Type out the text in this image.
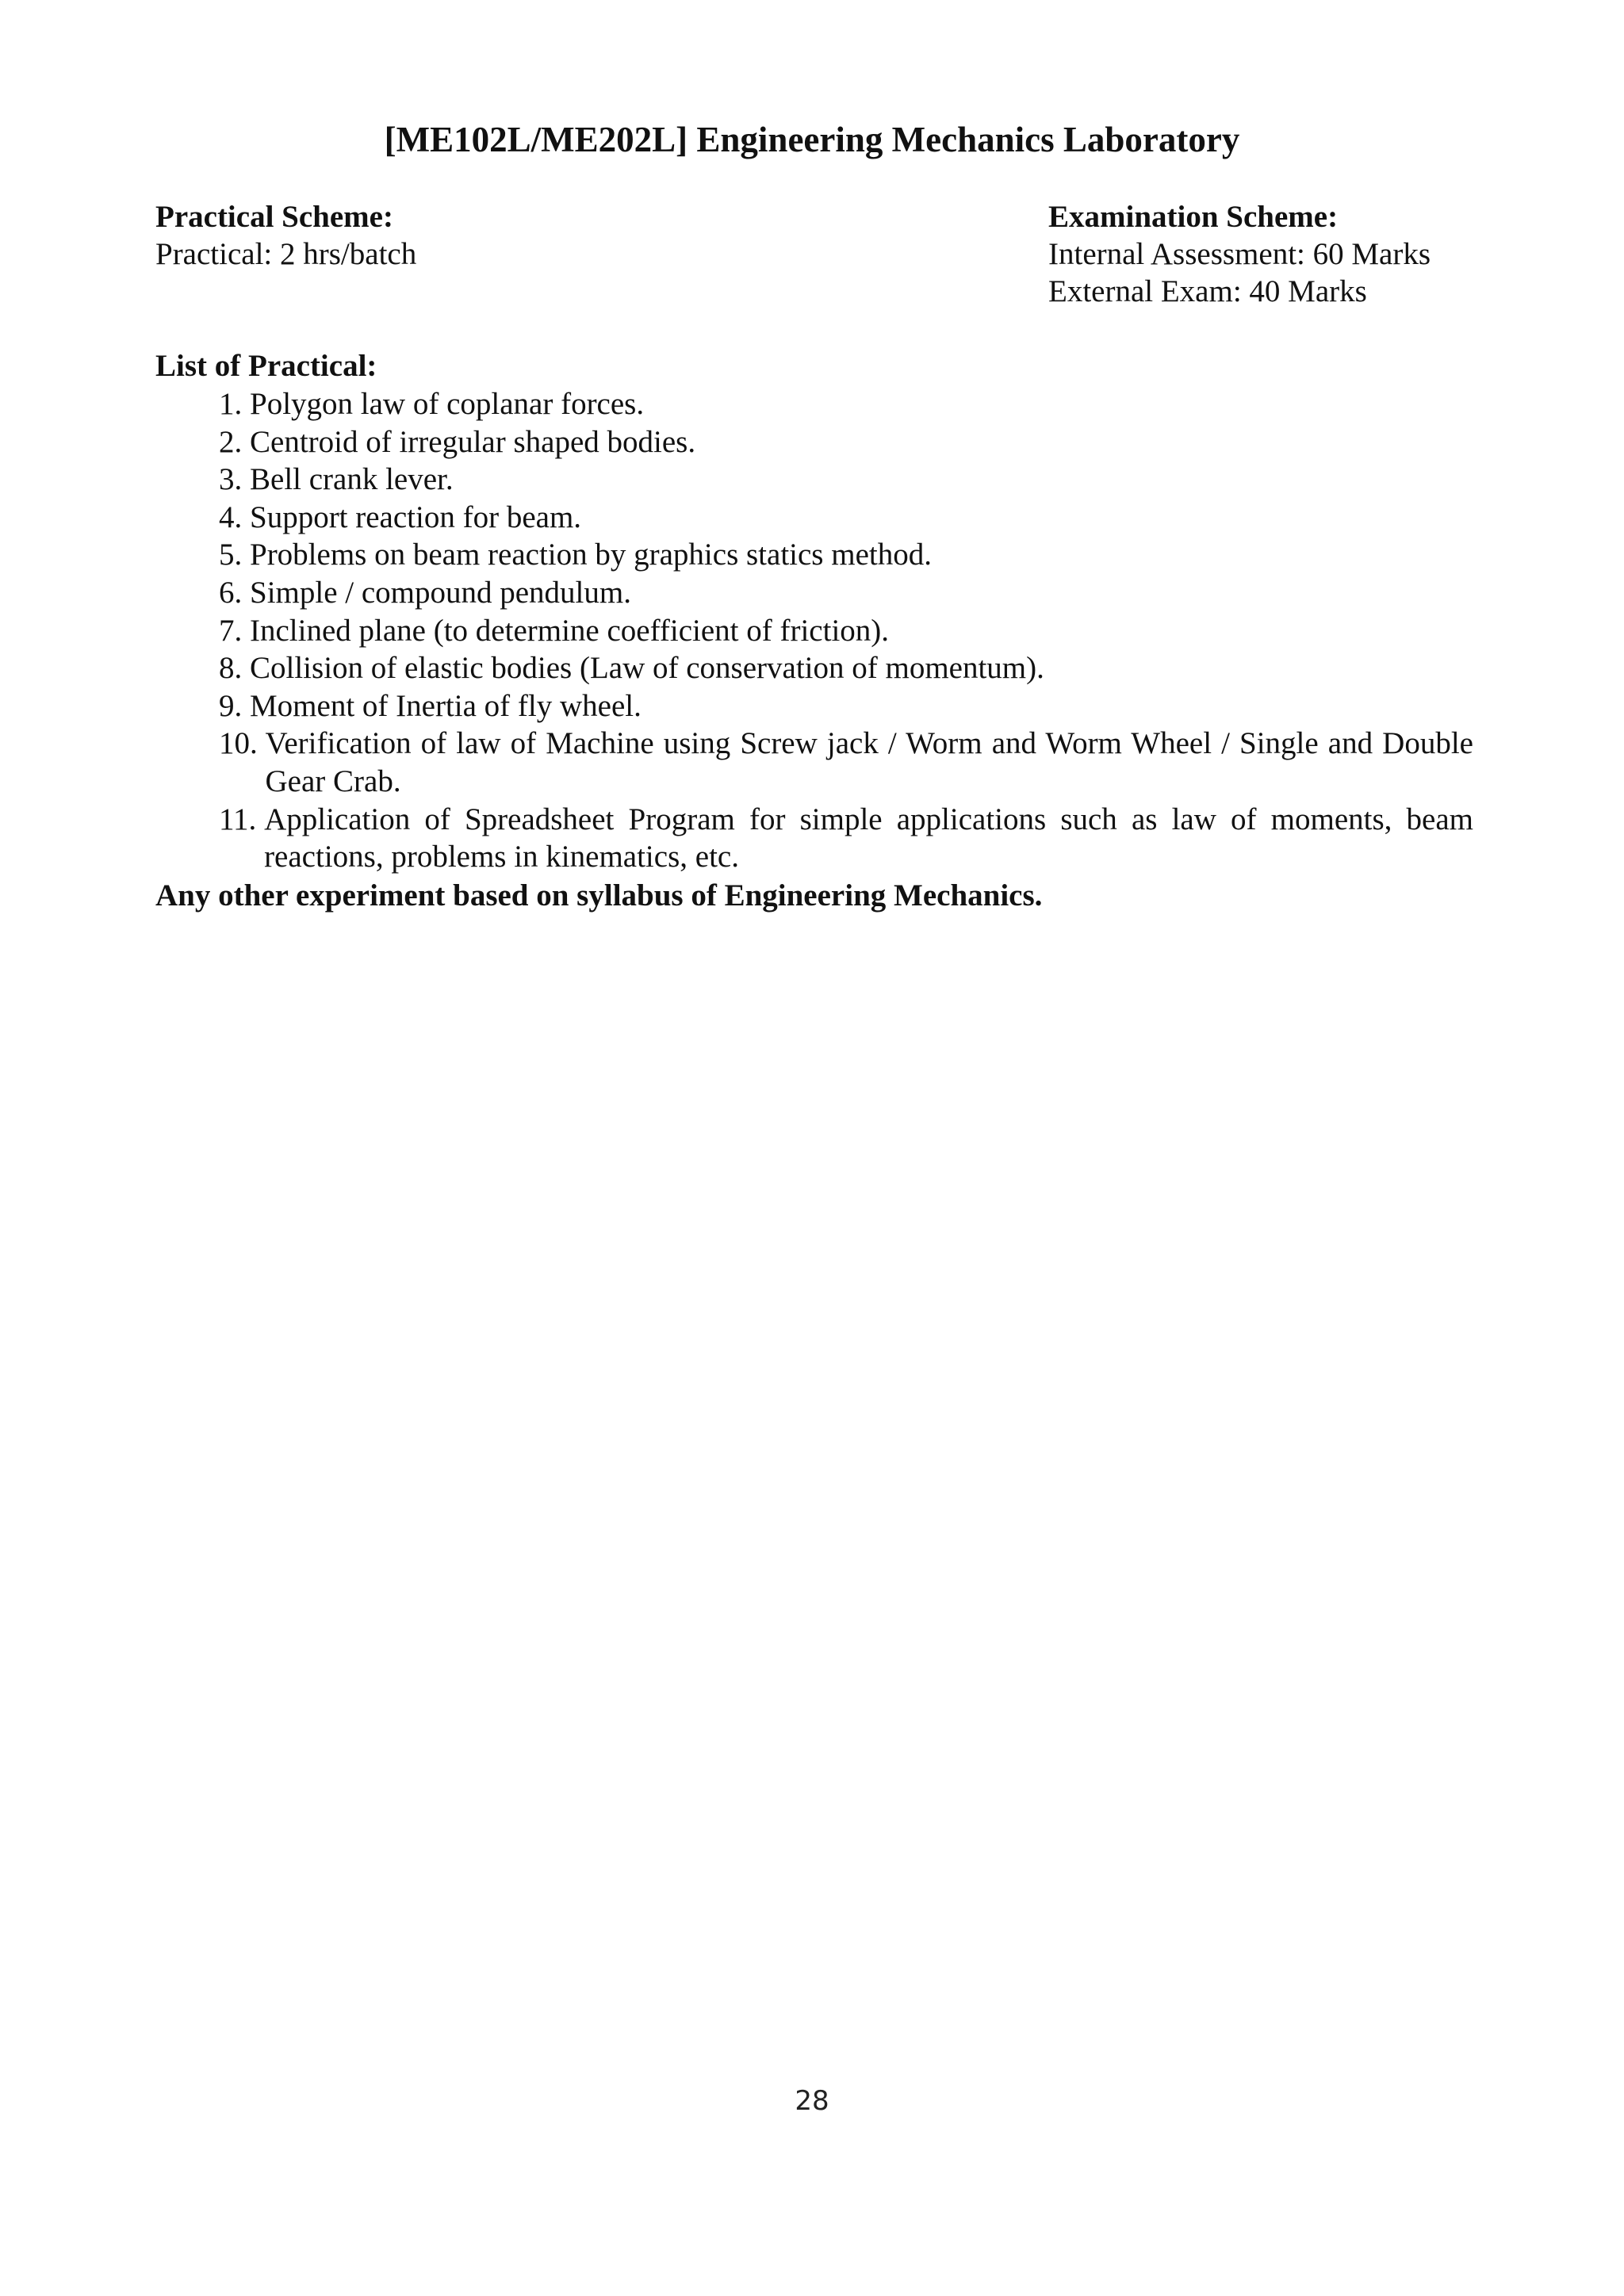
[ME102L/ME202L] Engineering Mechanics Laboratory
Practical Scheme:
Practical: 2 hrs/batch
Examination Scheme:
Internal Assessment: 60 Marks
External Exam: 40 Marks
List of Practical:
1. Polygon law of coplanar forces.
2. Centroid of irregular shaped bodies.
3. Bell crank lever.
4. Support reaction for beam.
5. Problems on beam reaction by graphics statics method.
6. Simple / compound pendulum.
7. Inclined plane (to determine coefficient of friction).
8. Collision of elastic bodies (Law of conservation of momentum).
9. Moment of Inertia of fly wheel.
10. Verification of law of Machine using Screw jack / Worm and Worm Wheel / Single and Double Gear Crab.
11. Application of Spreadsheet Program for simple applications such as law of moments, beam reactions, problems in kinematics, etc.
Any other experiment based on syllabus of Engineering Mechanics.
28
